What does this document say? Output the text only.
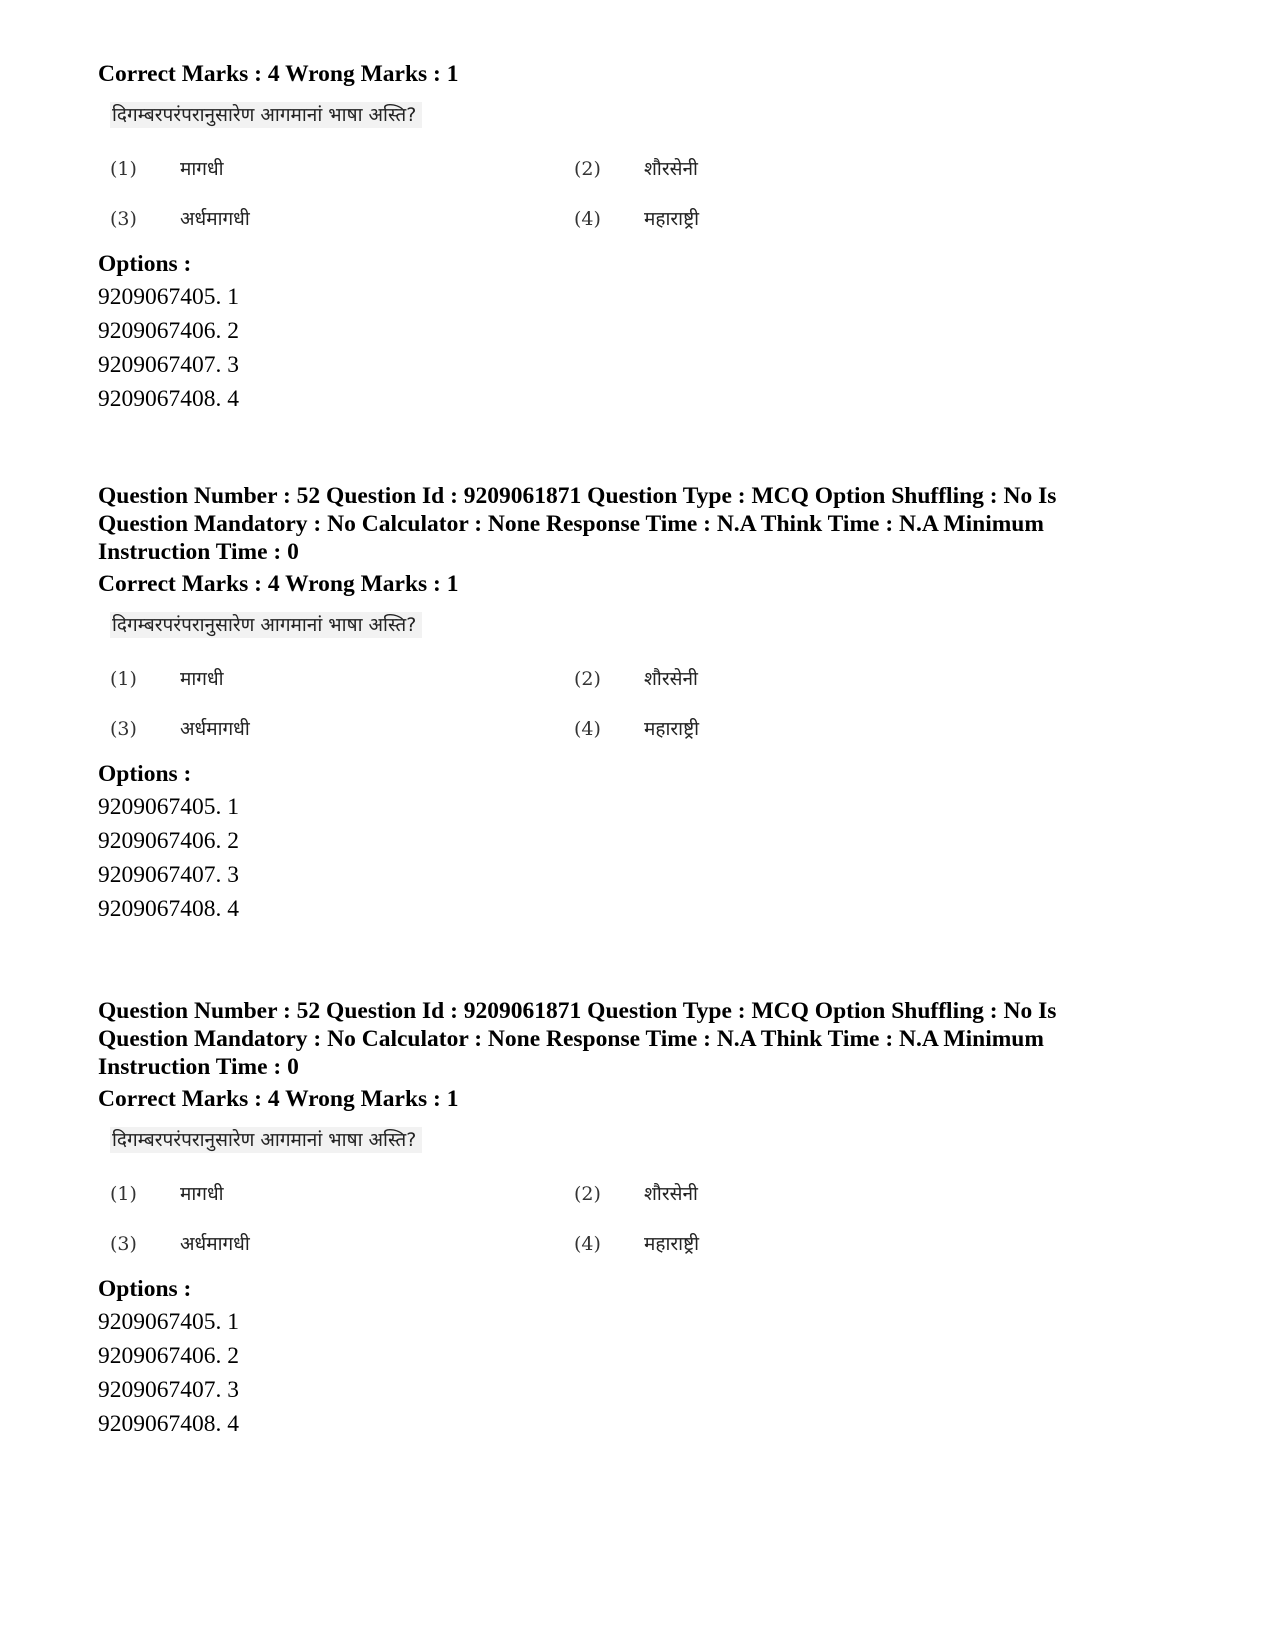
Correct Marks : 4 Wrong Marks : 1

दिगम्बरपरंपरानुसारेण आगमानां भाषा अस्ति?
(1) मागधी	(2) शौरसेनी
(3) अर्धमागधी	(4) महाराष्ट्री

Options :

9209067405. 1

9209067406. 2

9209067407. 3

9209067408. 4

Question Number : 52 Question Id : 9209061871 Question Type : MCQ Option Shuffling : No Is

Question Mandatory : No Calculator : None Response Time : N.A Think Time : N.A Minimum

Instruction Time : 0

Correct Marks : 4 Wrong Marks : 1

दिगम्बरपरंपरानुसारेण आगमानां भाषा अस्ति?
(1) मागधी	(2) शौरसेनी
(3) अर्धमागधी	(4) महाराष्ट्री

Options :

9209067405. 1

9209067406. 2

9209067407. 3

9209067408. 4

Question Number : 52 Question Id : 9209061871 Question Type : MCQ Option Shuffling : No Is

Question Mandatory : No Calculator : None Response Time : N.A Think Time : N.A Minimum

Instruction Time : 0

Correct Marks : 4 Wrong Marks : 1

दिगम्बरपरंपरानुसारेण आगमानां भाषा अस्ति?
(1) मागधी	(2) शौरसेनी
(3) अर्धमागधी	(4) महाराष्ट्री

Options :

9209067405. 1

9209067406. 2

9209067407. 3

9209067408. 4
